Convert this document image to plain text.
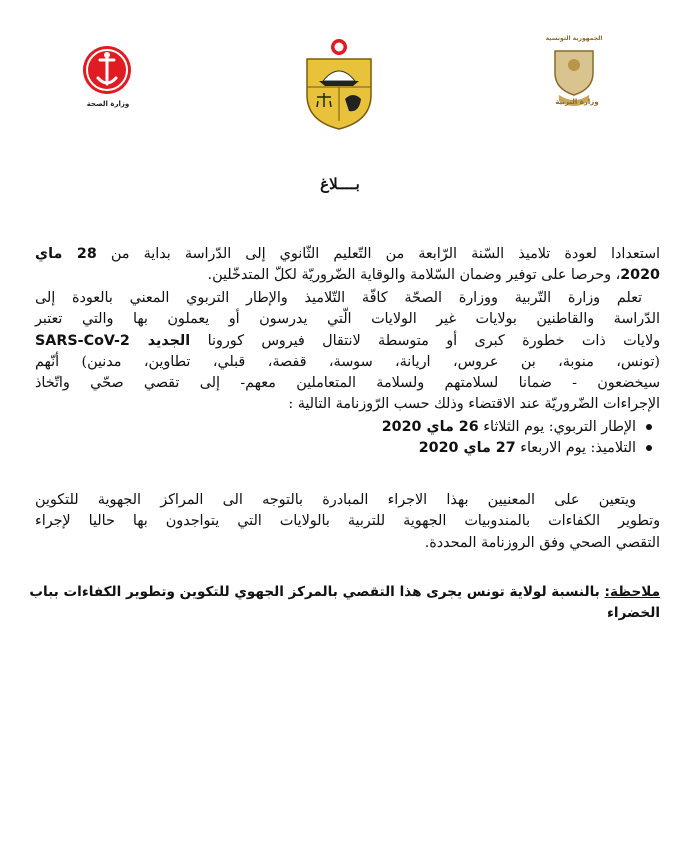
وزارة الصحة
الجمهورية التونسية
وزارة التربية
بــــلاغ
استعدادا لعودة تلاميذ السّنة الرّابعة من التّعليم الثّانوي إلى الدّراسة بداية من 28 ماي
2020، وحرصا على توفير وضمان السّلامة والوقاية الضّروريّة لكلّ المتدخّلين.
تعلم وزارة التّربية ووزارة الصحّة كافّة التّلاميذ والإطار التربوي المعني بالعودة إلى
الدّراسة والقاطنين بولايات غير الولايات الّتي يدرسون أو يعملون بها والتي تعتبر
ولايات ذات خطورة كبرى أو متوسطة لانتقال فيروس كورونا الجديد SARS-CoV-2
(تونس، منوبة، بن عروس، اريانة، سوسة، قفصة، قبلي، تطاوين، مدنين) أنّهم
سيخضعون - ضمانا لسلامتهم ولسلامة المتعاملين معهم- إلى تقصي صحّي واتّخاذ
الإجراءات الضّروريّة عند الاقتضاء وذلك حسب الرّوزنامة التالية :
الإطار التربوي: يوم الثلاثاء 26 ماي 2020
التلاميذ: يوم الاربعاء 27 ماي 2020
ويتعين على المعنيين بهذا الاجراء المبادرة بالتوجه الى المراكز الجهوية للتكوين
وتطوير الكفاءات بالمندوبيات الجهوية للتربية بالولايات التي يتواجدون بها حاليا لإجراء
التقصي الصحي وفق الروزنامة المحددة.
ملاحظة: بالنسبة لولاية تونس يجرى هذا التقصي بالمركز الجهوي للتكوين وتطوير الكفاءات بباب
الخضراء
